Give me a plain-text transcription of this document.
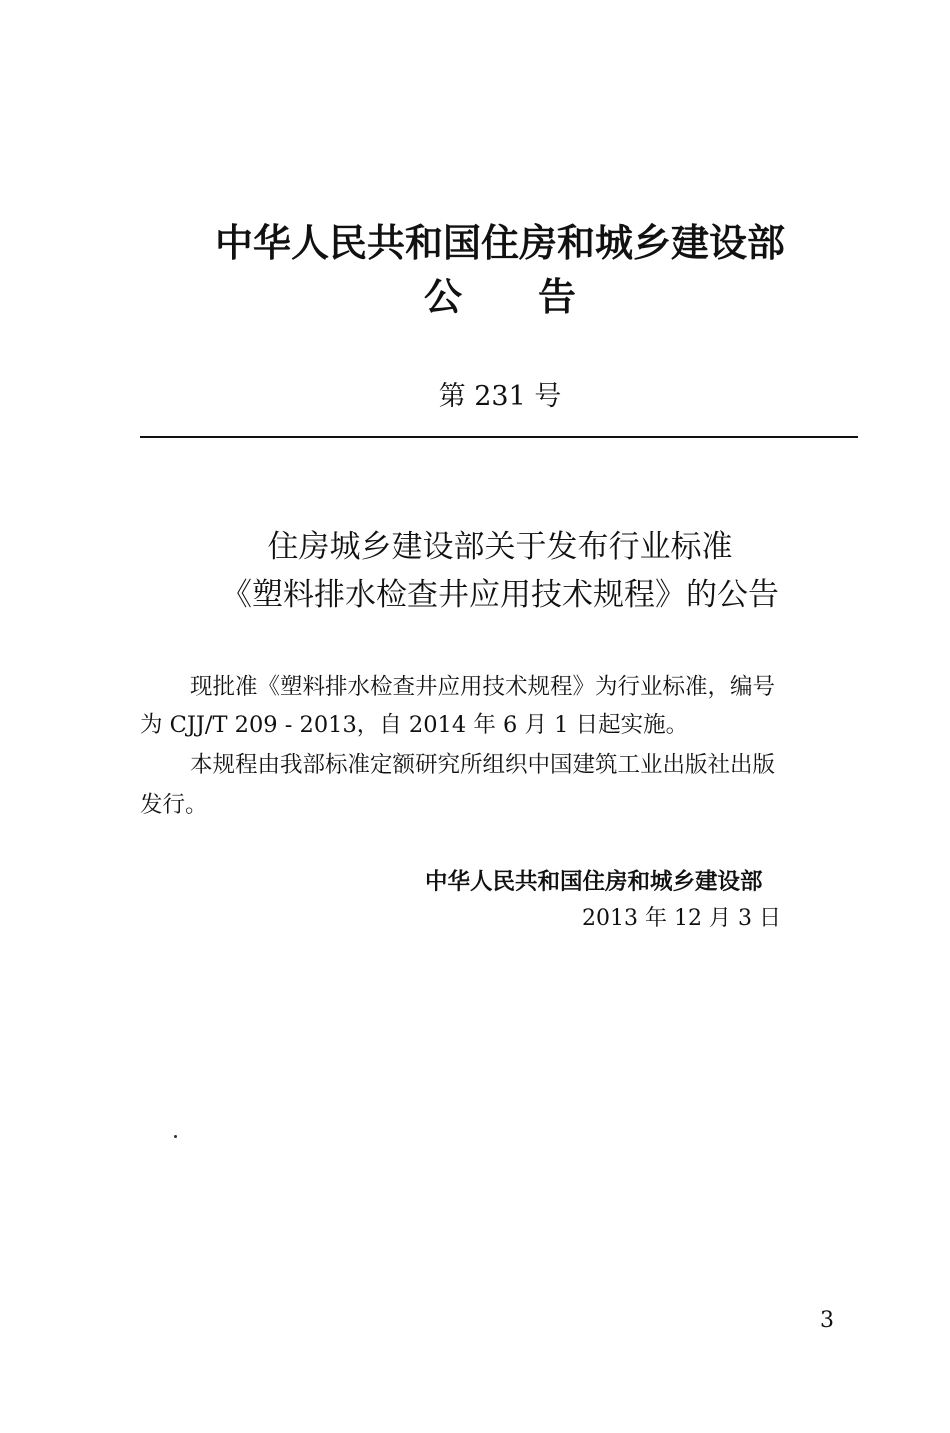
中华人民共和国住房和城乡建设部
公 告
第 231 号
住房城乡建设部关于发布行业标准
《塑料排水检查井应用技术规程》的公告
现批准《塑料排水检查井应用技术规程》为行业标准，编号
为 CJJ/T 209 - 2013，自 2014 年 6 月 1 日起实施。
本规程由我部标准定额研究所组织中国建筑工业出版社出版
发行。
中华人民共和国住房和城乡建设部
2013 年 12 月 3 日
3
